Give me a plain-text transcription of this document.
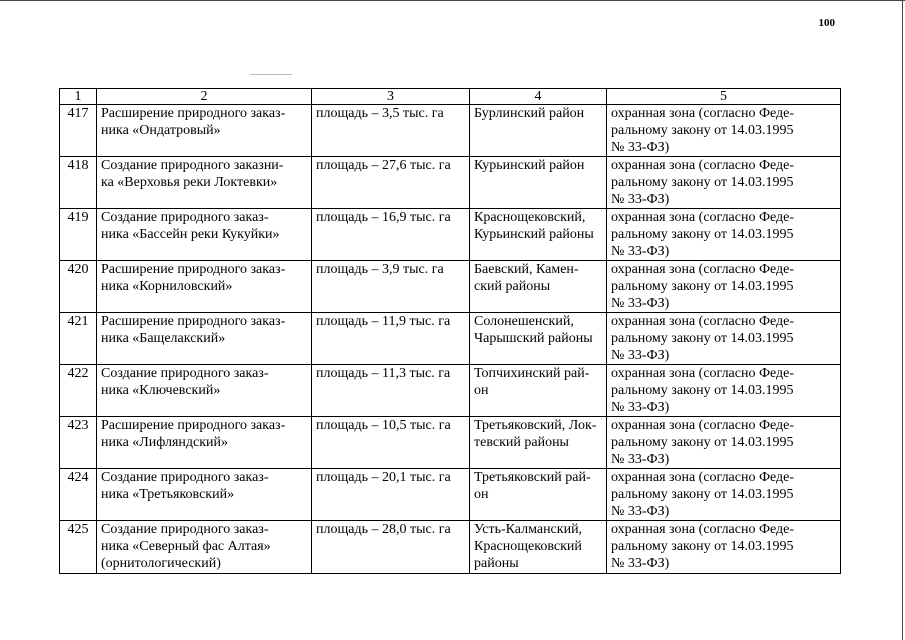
100
1	2	3	4	5
417	Расширение природного заказ-
ника «Ондатровый»	площадь – 3,5 тыс. га	Бурлинский район	охранная зона (согласно Феде-
ральному закону от 14.03.1995
№ 33-ФЗ)

418	Создание природного заказни-
ка «Верховья реки Локтевки»	площадь – 27,6 тыс. га	Курьинский район	охранная зона (согласно Феде-
ральному закону от 14.03.1995
№ 33-ФЗ)

419	Создание природного заказ-
ника «Бассейн реки Кукуйки»	площадь – 16,9 тыс. га	Краснощековский,
Курьинский районы	охранная зона (согласно Феде-
ральному закону от 14.03.1995
№ 33-ФЗ)

420	Расширение природного заказ-
ника «Корниловский»	площадь – 3,9 тыс. га	Баевский, Камен-
ский районы	охранная зона (согласно Феде-
ральному закону от 14.03.1995
№ 33-ФЗ)

421	Расширение природного заказ-
ника «Бащелакский»	площадь – 11,9 тыс. га	Солонешенский,
Чарышский районы	охранная зона (согласно Феде-
ральному закону от 14.03.1995
№ 33-ФЗ)

422	Создание природного заказ-
ника «Ключевский»	площадь – 11,3 тыс. га	Топчихинский рай-
он	охранная зона (согласно Феде-
ральному закону от 14.03.1995
№ 33-ФЗ)

423	Расширение природного заказ-
ника «Лифляндский»	площадь – 10,5 тыс. га	Третьяковский, Лок-
тевский районы	охранная зона (согласно Феде-
ральному закону от 14.03.1995
№ 33-ФЗ)

424	Создание природного заказ-
ника «Третьяковский»	площадь – 20,1 тыс. га	Третьяковский рай-
он	охранная зона (согласно Феде-
ральному закону от 14.03.1995
№ 33-ФЗ)

425	Создание природного заказ-
ника «Северный фас Алтая»
(орнитологический)	площадь – 28,0 тыс. га	Усть-Калманский,
Краснощековский
районы	охранная зона (согласно Феде-
ральному закону от 14.03.1995
№ 33-ФЗ)
